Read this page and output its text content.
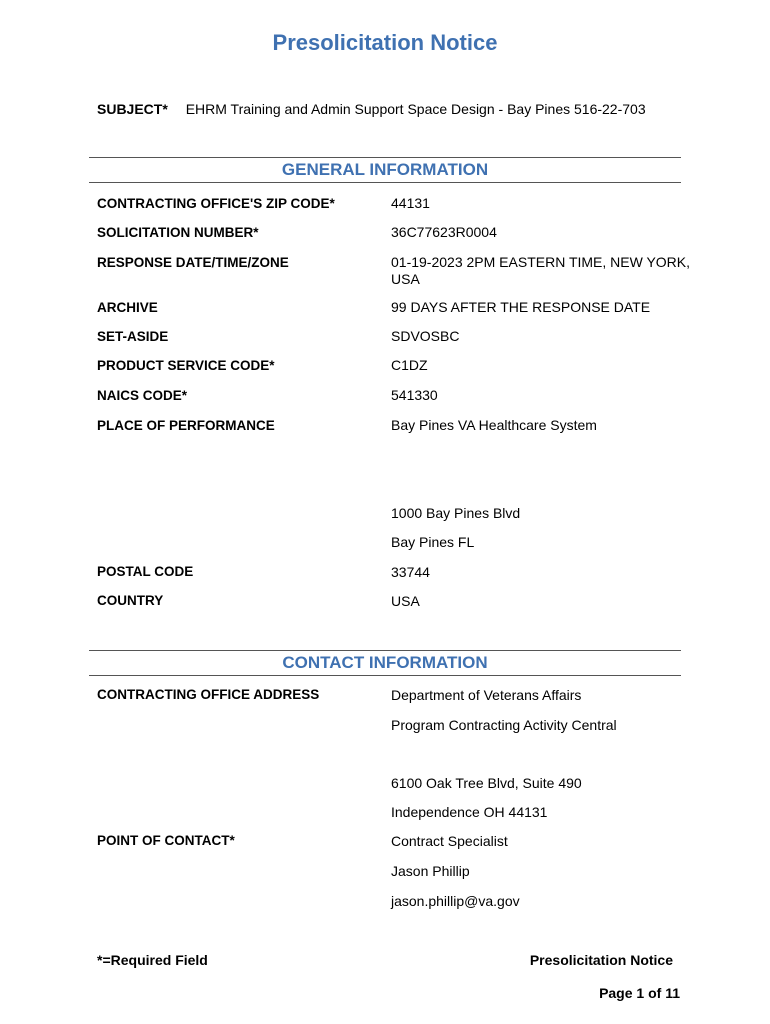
Presolicitation Notice
SUBJECT* EHRM Training and Admin Support Space Design - Bay Pines 516-22-703
GENERAL INFORMATION
CONTRACTING OFFICE'S ZIP CODE*	44131
SOLICITATION NUMBER*	36C77623R0004
RESPONSE DATE/TIME/ZONE	01-19-2023 2PM EASTERN TIME, NEW YORK, USA
ARCHIVE	99 DAYS AFTER THE RESPONSE DATE
SET-ASIDE	SDVOSBC
PRODUCT SERVICE CODE*	C1DZ
NAICS CODE*	541330
PLACE OF PERFORMANCE	Bay Pines VA Healthcare System
1000 Bay Pines Blvd
Bay Pines FL
POSTAL CODE	33744
COUNTRY	USA
CONTACT INFORMATION
CONTRACTING OFFICE ADDRESS	Department of Veterans Affairs
Program Contracting Activity Central
6100 Oak Tree Blvd, Suite 490
Independence OH 44131
POINT OF CONTACT*	Contract Specialist
Jason Phillip
jason.phillip@va.gov
*=Required Field	Presolicitation Notice
Page 1 of 11
